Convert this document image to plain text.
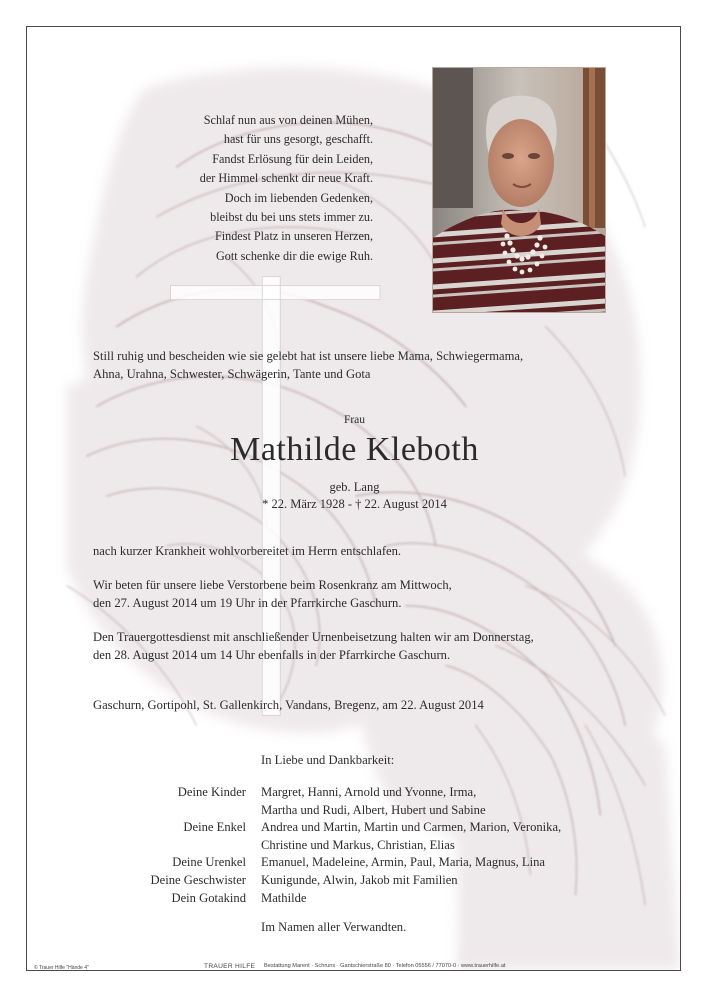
Schlaf nun aus von deinen Mühen,
hast für uns gesorgt, geschafft.
Fandst Erlösung für dein Leiden,
der Himmel schenkt dir neue Kraft.
Doch im liebenden Gedenken,
bleibst du bei uns stets immer zu.
Findest Platz in unseren Herzen,
Gott schenke dir die ewige Ruh.
Still ruhig und bescheiden wie sie gelebt hat ist unsere liebe Mama, Schwiegermama,
Ahna, Urahna, Schwester, Schwägerin, Tante und Gota
Frau
Mathilde Kleboth
geb. Lang
* 22. März 1928 - † 22. August 2014
nach kurzer Krankheit wohlvorbereitet im Herrn entschlafen.
Wir beten für unsere liebe Verstorbene beim Rosenkranz am Mittwoch,
den 27. August 2014 um 19 Uhr in der Pfarrkirche Gaschurn.
Den Trauergottesdienst mit anschließender Urnenbeisetzung halten wir am Donnerstag,
den 28. August 2014 um 14 Uhr ebenfalls in der Pfarrkirche Gaschurn.
Gaschurn, Gortipohl, St. Gallenkirch, Vandans, Bregenz, am 22. August 2014
In Liebe und Dankbarkeit:
Deine Kinder Margret, Hanni, Arnold und Yvonne, Irma,
Martha und Rudi, Albert, Hubert und Sabine
Deine Enkel Andrea und Martin, Martin und Carmen, Marion, Veronika,
Christine und Markus, Christian, Elias
Deine Urenkel Emanuel, Madeleine, Armin, Paul, Maria, Magnus, Lina
Deine Geschwister Kunigunde, Alwin, Jakob mit Familien
Dein Gotakind Mathilde
Im Namen aller Verwandten.
© Trauer Hilfe "Hände 4"	TRAUER HILFE Bestattung Marent · Schruns · Gantschierstraße 80 · Telefon 05556 / 77070-0 · www.trauerhilfe.at
